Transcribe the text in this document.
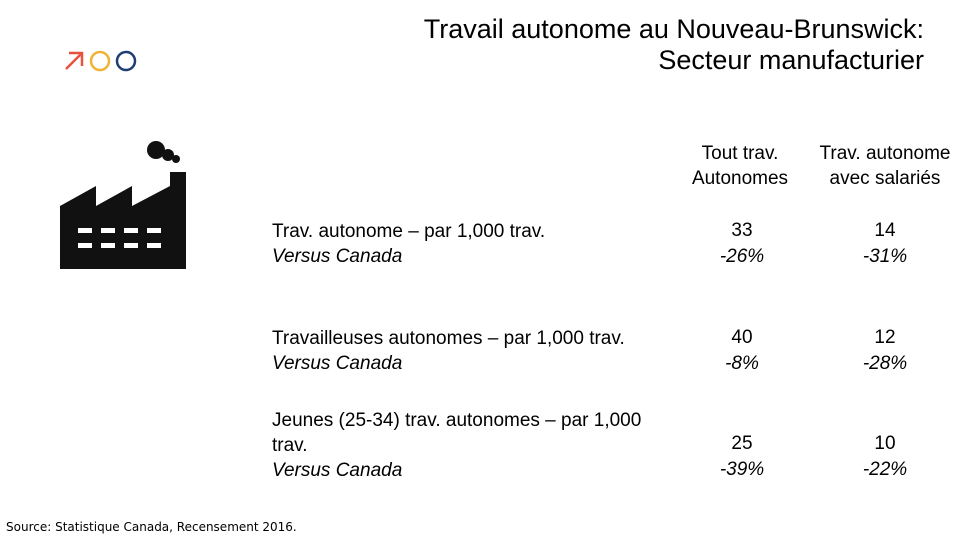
Travail autonome au Nouveau-Brunswick:
Secteur manufacturier
Tout trav.
Autonomes
Trav. autonome
avec salariés
Trav. autonome – par 1,000 trav.
Versus Canada
33
-26%
14
-31%
Travailleuses autonomes – par 1,000 trav.
Versus Canada
40
-8%
12
-28%
Jeunes (25-34) trav. autonomes – par 1,000 trav.
Versus Canada
25
-39%
10
-22%
Source: Statistique Canada, Recensement 2016.
